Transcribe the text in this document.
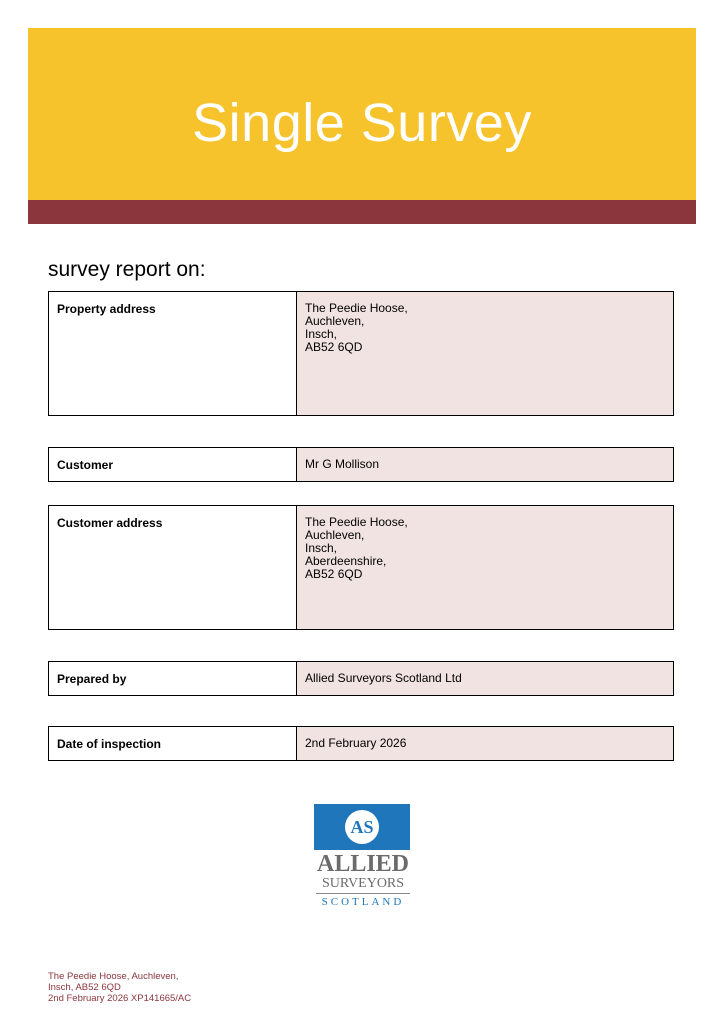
Single Survey
survey report on:
Property address	The Peedie Hoose,
Auchleven,
Insch,
AB52 6QD
Customer	Mr G Mollison
Customer address	The Peedie Hoose,
Auchleven,
Insch,
Aberdeenshire,
AB52 6QD
Prepared by	Allied Surveyors Scotland Ltd
Date of inspection	2nd February 2026
AS
ALLIED
SURVEYORS
SCOTLAND
The Peedie Hoose, Auchleven,
Insch, AB52 6QD
2nd February 2026 XP141665/AC
